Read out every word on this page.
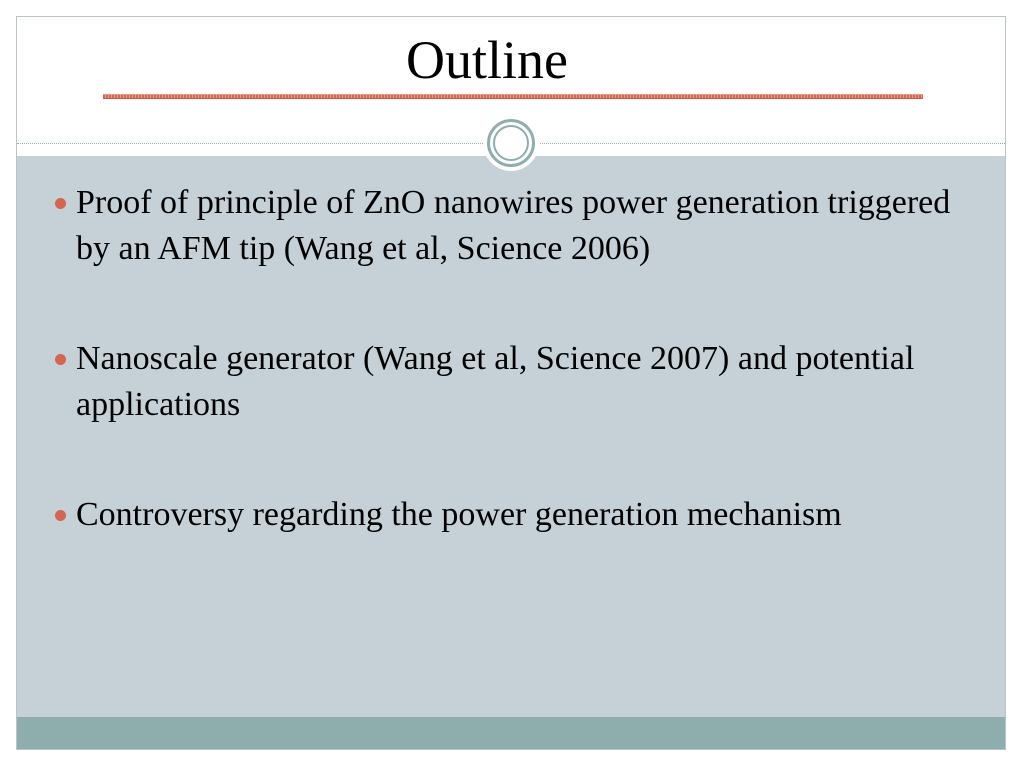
Outline
Proof of principle of ZnO nanowires power generation triggered by an AFM tip (Wang et al, Science 2006)
Nanoscale generator (Wang et al, Science 2007) and potential applications
Controversy regarding the power generation mechanism
